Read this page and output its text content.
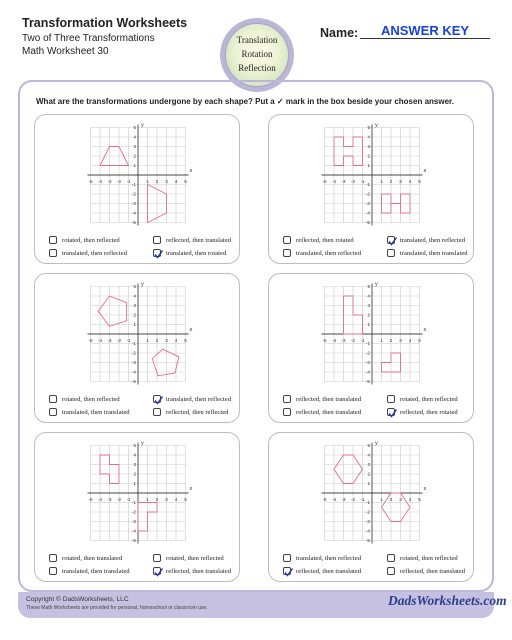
Transformation Worksheets
Two of Three Transformations
Math Worksheet 30
Translation
Rotation
Reflection
Name:	ANSWER KEY
What are the transformations undergone by each shape? Put a ✓ mark in the box beside your chosen answer.
x
y
-5
-5
-4
-4
-3
-3
-2
-2
-1
-1
1
1
2
2
3
3
4
4
5
5
rotated, then reflected	reflected, then translated
translated, then reflected	translated, then rotated
x
y
-5
-5
-4
-4
-3
-3
-2
-2
-1
-1
1
1
2
2
3
3
4
4
5
5
reflected, then rotated	translated, then reflected
translated, then reflected	translated, then translated
x
y
-5
-5
-4
-4
-3
-3
-2
-2
-1
-1
1
1
2
2
3
3
4
4
5
5
rotated, then reflected	translated, then reflected
translated, then translated	reflected, then reflected
x
y
-5
-5
-4
-4
-3
-3
-2
-2
-1
-1
1
1
2
2
3
3
4
4
5
5
reflected, then translated	rotated, then reflected
reflected, then translated	reflected, then rotated
x
y
-5
-5
-4
-4
-3
-3
-2
-2
-1
-1
1
1
2
2
3
3
4
4
5
5
rotated, then translated	rotated, then reflected
translated, then translated	reflected, then translated
x
y
-5
-5
-4
-4
-3
-3
-2
-2
-1
-1
1
1
2
2
3
3
4
4
5
5
translated, then reflected	rotated, then reflected
reflected, then translated	reflected, then translated
Copyright © DadsWorksheets, LLC
These Math Worksheets are provided for personal, homeschool or classroom use.	DadsWorksheets.com
